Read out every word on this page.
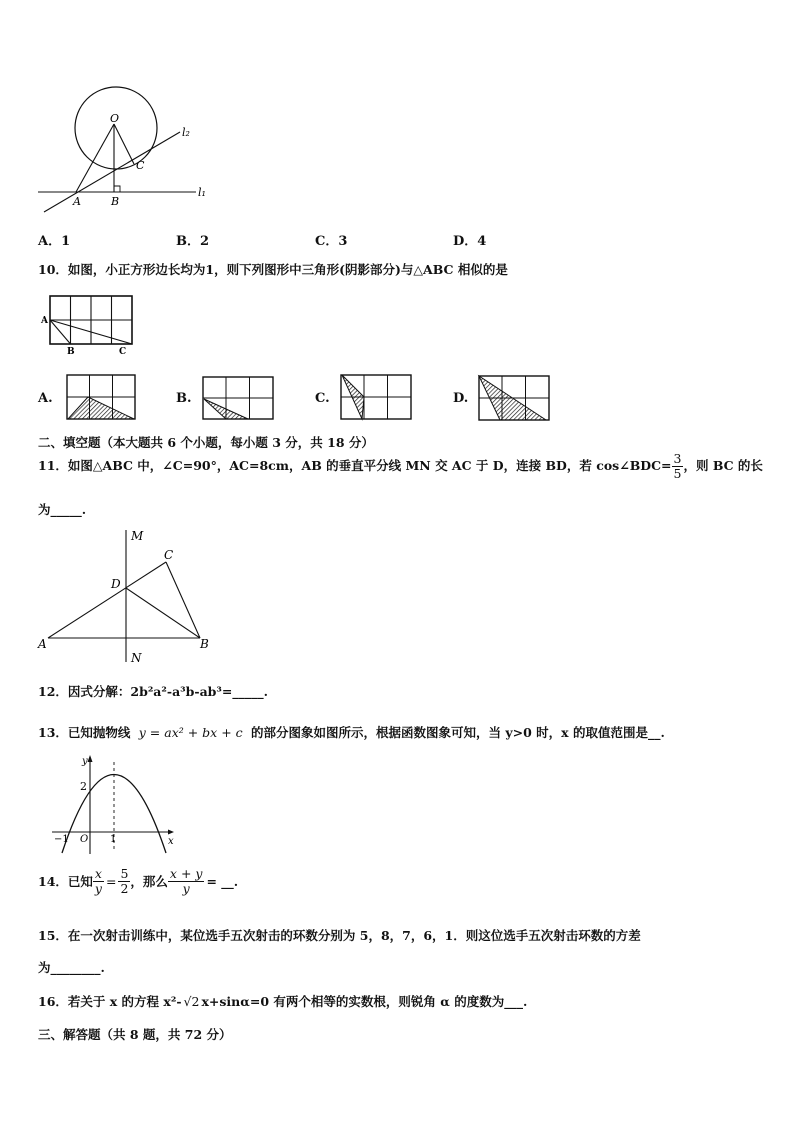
O
C
A	B
l₁
l₂
A．1	B．2	C．3	D．4
10．如图，小正方形边长均为1，则下列图形中三角形(阴影部分)与△ABC 相似的是
A
B	C
A.	B.	C.	D.
二、填空题（本大题共 6 个小题，每小题 3 分，共 18 分）
11．如图△ABC 中，∠C=90°，AC=8cm，AB 的垂直平分线 MN 交 AC 于 D，连接 BD，若 cos∠BDC= $\frac{3}{5}$ ，则 BC 的长
为_____.
M
C
D
A	B
N
12．因式分解：2b²a²-a³b-ab³=_____.
13．已知抛物线 y = ax² + bx + c 的部分图象如图所示，根据函数图象可知，当 y>0 时，x 的取值范围是__.
y
2
x
−1 O 1
14．已知 $\frac{x}{y} = \frac{5}{2}$ ，那么 $\frac{x + y}{y}$ = __.
15．在一次射击训练中，某位选手五次射击的环数分别为 5，8，7，6，1．则这位选手五次射击环数的方差
为________.
16．若关于 x 的方程 x²- √2 x+sinα=0 有两个相等的实数根，则锐角 α 的度数为___.
三、解答题（共 8 题，共 72 分）
